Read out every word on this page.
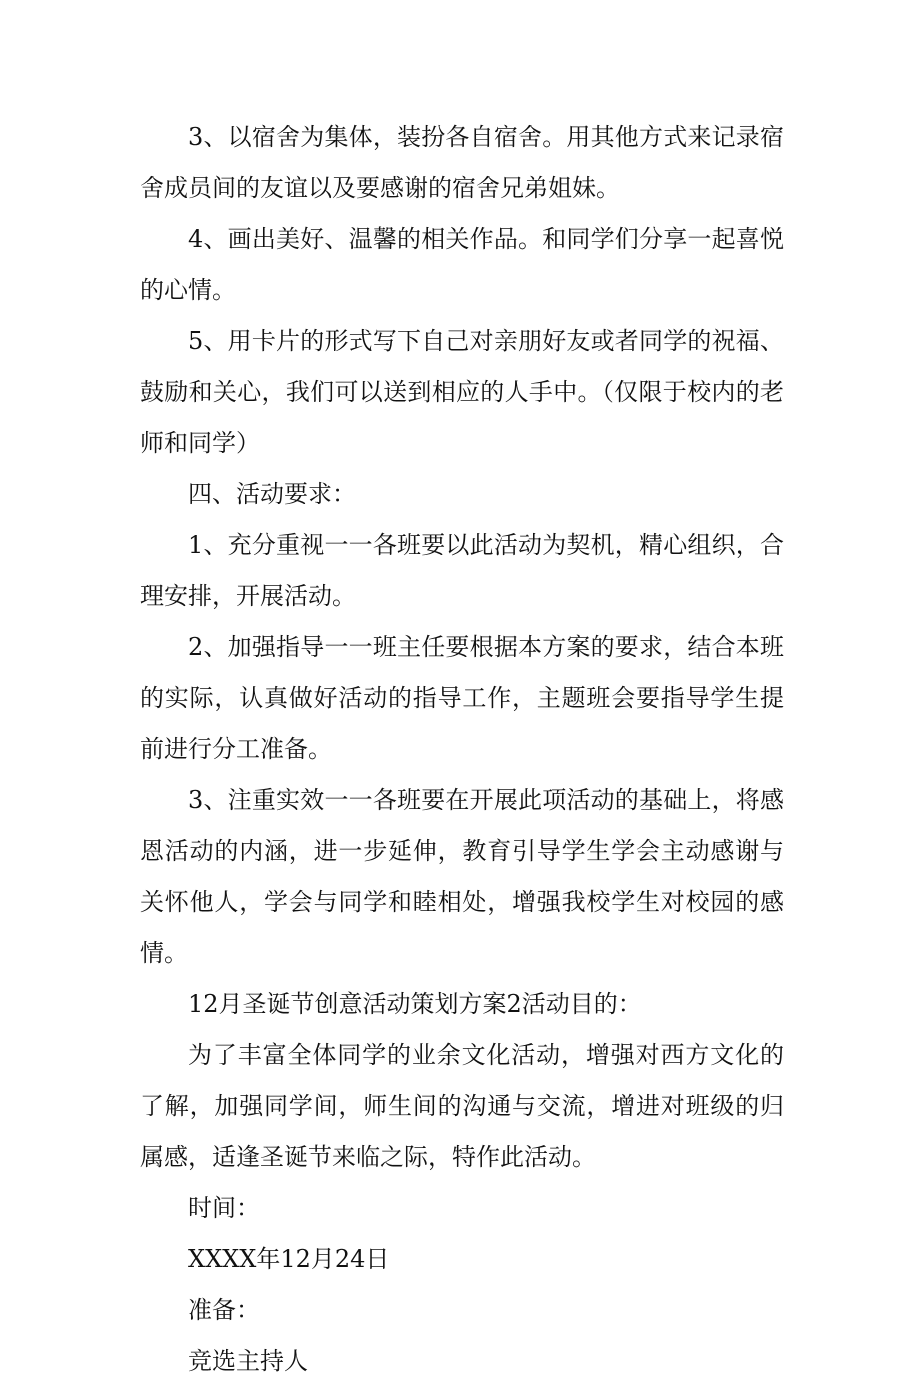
3、以宿舍为集体，装扮各自宿舍。用其他方式来记录宿舍成员间的友谊以及要感谢的宿舍兄弟姐妹。

4、画出美好、温馨的相关作品。和同学们分享一起喜悦的心情。

5、用卡片的形式写下自己对亲朋好友或者同学的祝福、鼓励和关心，我们可以送到相应的人手中。（仅限于校内的老师和同学）

四、活动要求：

1、充分重视一一各班要以此活动为契机，精心组织，合理安排，开展活动。

2、加强指导一一班主任要根据本方案的要求，结合本班的实际，认真做好活动的指导工作，主题班会要指导学生提前进行分工准备。

3、注重实效一一各班要在开展此项活动的基础上，将感恩活动的内涵，进一步延伸，教育引导学生学会主动感谢与关怀他人，学会与同学和睦相处，增强我校学生对校园的感情。

12月圣诞节创意活动策划方案2活动目的：

为了丰富全体同学的业余文化活动，增强对西方文化的了解，加强同学间，师生间的沟通与交流，增进对班级的归属感，适逢圣诞节来临之际，特作此活动。

时间：

XXXX年12月24日

准备：

竞选主持人
